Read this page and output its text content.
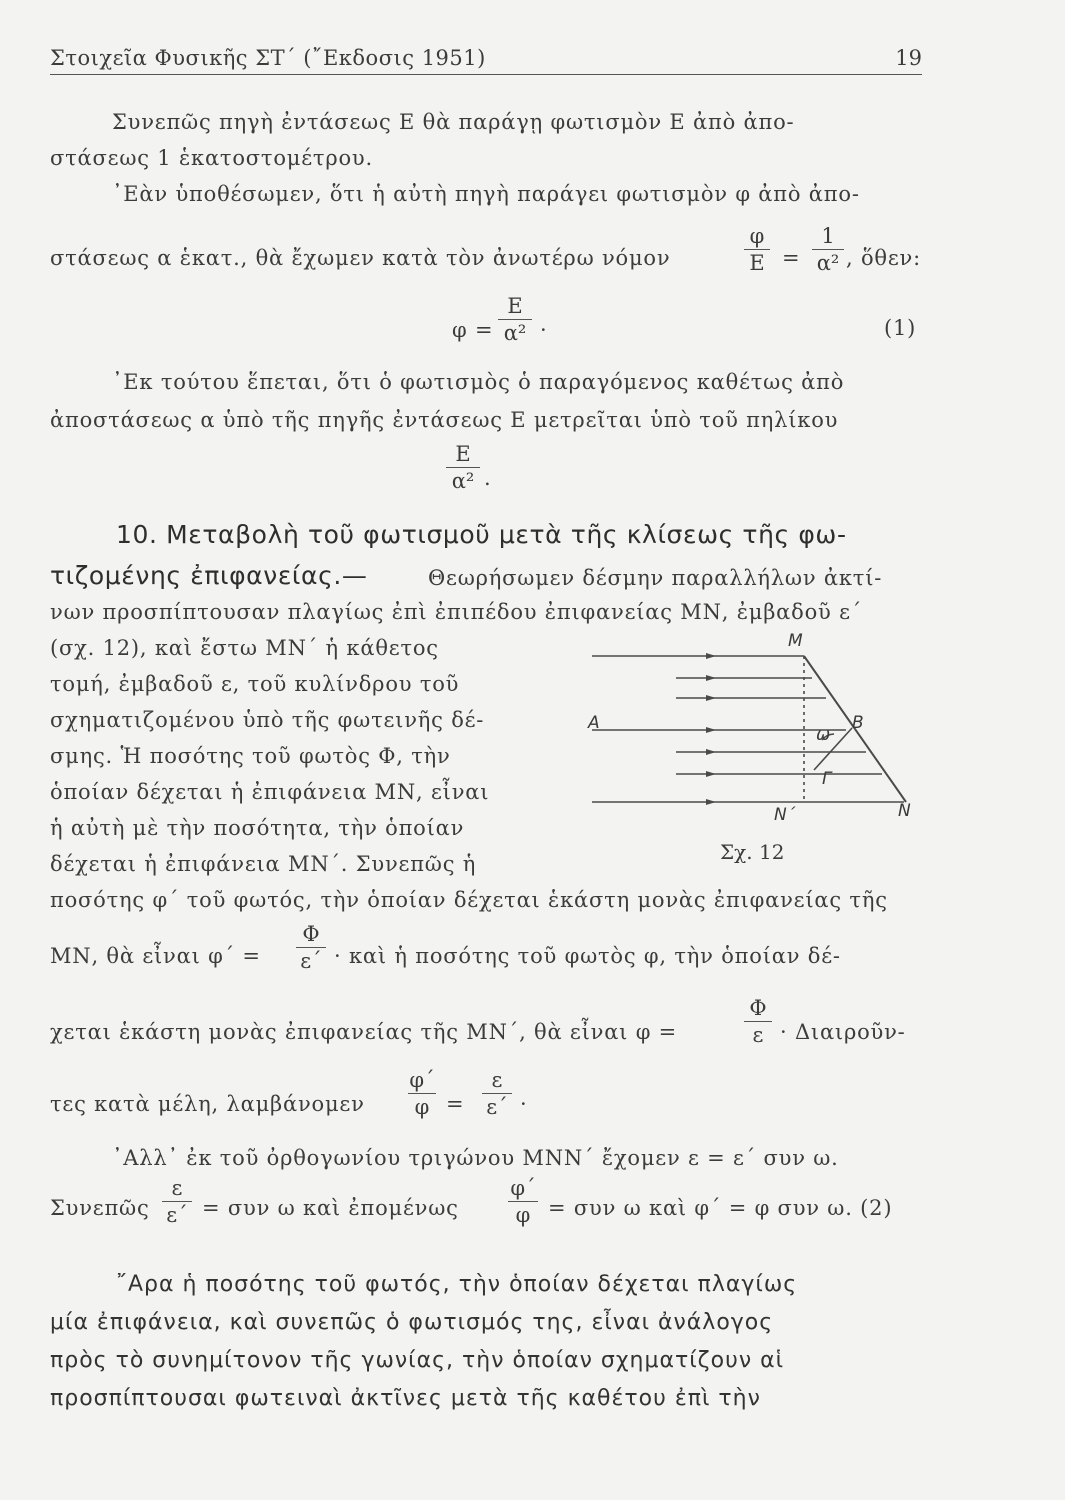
Στοιχεῖα Φυσικῆς ΣΤ΄ (῎Εκδοσις 1951)	19
Συνεπῶς πηγὴ ἐντάσεως Ε θὰ παράγῃ φωτισμὸν Ε ἀπὸ ἀπο-
στάσεως 1 ἑκατοστομέτρου.
᾿Εὰν ὑποθέσωμεν, ὅτι ἡ αὐτὴ πηγὴ παράγει φωτισμὸν φ ἀπὸ ἀπο-
στάσεως α ἑκατ., θὰ ἔχωμεν κατὰ τὸν ἀνωτέρω νόμον
φ
Ε =
1
α² , ὅθεν:
φ =
Ε
α² ·	(1)
᾿Εκ τούτου ἕπεται, ὅτι ὁ φωτισμὸς ὁ παραγόμενος καθέτως ἀπὸ
ἀποστάσεως α ὑπὸ τῆς πηγῆς ἐντάσεως Ε μετρεῖται ὑπὸ τοῦ πηλίκου
Ε
α² .
10. Μεταβολὴ τοῦ φωτισμοῦ μετὰ τῆς κλίσεως τῆς φω-
τιζομένης ἐπιφανείας.—	Θεωρήσωμεν δέσμην παραλλήλων ἀκτί-
νων προσπίπτουσαν πλαγίως ἐπὶ ἐπιπέδου ἐπιφανείας ΜΝ, ἐμβαδοῦ ε΄
(σχ. 12), καὶ ἔστω ΜΝ΄ ἡ κάθετος
τομή, ἐμβαδοῦ ε, τοῦ κυλίνδρου τοῦ
σχηματιζομένου ὑπὸ τῆς φωτεινῆς δέ-
σμης. Ἡ ποσότης τοῦ φωτὸς Φ, τὴν
ὁποίαν δέχεται ἡ ἐπιφάνεια ΜΝ, εἶναι
ἡ αὐτὴ μὲ τὴν ποσότητα, τὴν ὁποίαν
δέχεται ἡ ἐπιφάνεια ΜΝ΄. Συνεπῶς ἡ
Μ
Α	Β
ω
Γ
Ν΄	Ν
Σχ. 12
ποσότης φ΄ τοῦ φωτός, τὴν ὁποίαν δέχεται ἑκάστη μονὰς ἐπιφανείας τῆς
ΜΝ, θὰ εἶναι φ΄ =
Φ
ε΄ · καὶ ἡ ποσότης τοῦ φωτὸς φ, τὴν ὁποίαν δέ-
χεται ἑκάστη μονὰς ἐπιφανείας τῆς ΜΝ΄, θὰ εἶναι φ =
Φ
ε · Διαιροῦν-
τες κατὰ μέλη, λαμβάνομεν
φ΄
φ =
ε
ε΄ ·
᾿Αλλ᾿ ἐκ τοῦ ὀρθογωνίου τριγώνου ΜΝΝ΄ ἔχομεν ε = ε΄ συν ω.
Συνεπῶς
ε
ε΄ = συν ω καὶ ἐπομένως
φ΄
φ = συν ω καὶ φ΄ = φ συν ω. (2)
῎Αρα ἡ ποσότης τοῦ φωτός, τὴν ὁποίαν δέχεται πλαγίως
μία ἐπιφάνεια, καὶ συνεπῶς ὁ φωτισμός της, εἶναι ἀνάλογος
πρὸς τὸ συνημίτονον τῆς γωνίας, τὴν ὁποίαν σχηματίζουν αἱ
προσπίπτουσαι φωτειναὶ ἀκτῖνες μετὰ τῆς καθέτου ἐπὶ τὴν
